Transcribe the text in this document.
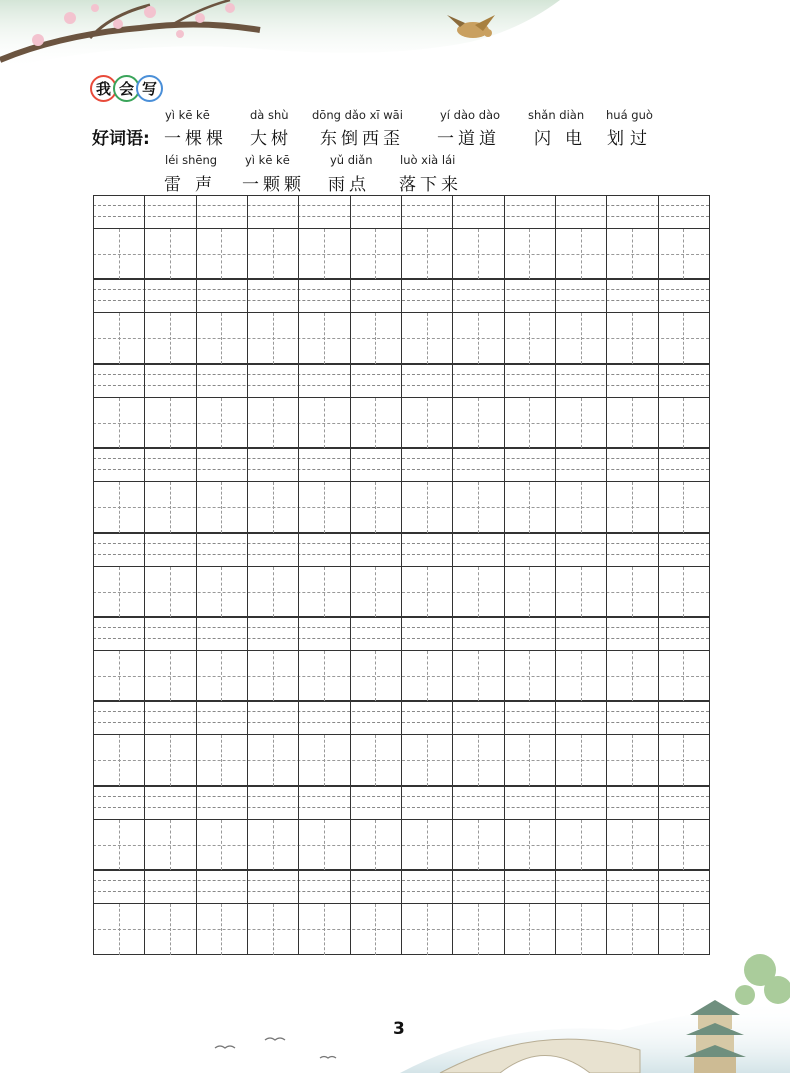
我 会 写
yì kē kē	dà shù dōng dǎo xī wāi	yí dào dào shǎn diàn huá guò
好词语: 一棵棵 大树 东倒西歪 一道道 闪电 划过
léi shēng yì kē kē	yǔ diǎn luò xià lái
雷声 一颗颗 雨点 落下来
3
